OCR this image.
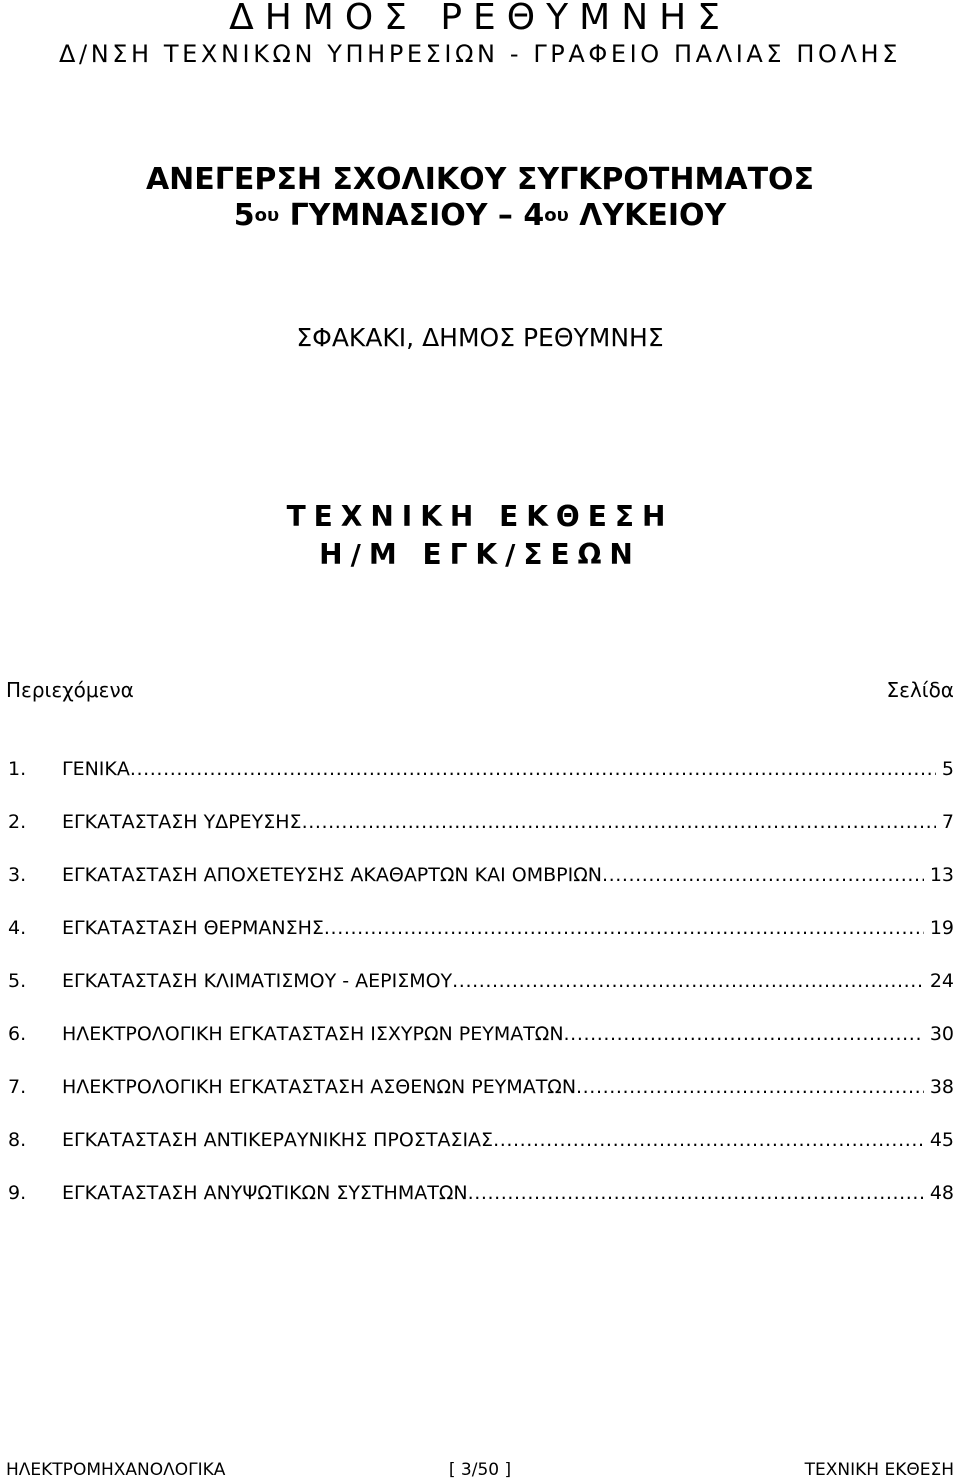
ΔΗΜΟΣ ΡΕΘΥΜΝΗΣ
Δ/ΝΣΗ ΤΕΧΝΙΚΩΝ ΥΠΗΡΕΣΙΩΝ - ΓΡΑΦΕΙΟ ΠΑΛΙΑΣ ΠΟΛΗΣ
ΑΝΕΓΕΡΣΗ ΣΧΟΛΙΚΟΥ ΣΥΓΚΡΟΤΗΜΑΤΟΣ
$5^{o\upsilon}$ ΓΥΜΝΑΣΙΟΥ – $4^{o\upsilon}$ ΛΥΚΕΙΟΥ
ΣΦΑΚΑΚΙ, ΔΗΜΟΣ ΡΕΘΥΜΝΗΣ
ΤΕΧΝΙΚΗ ΕΚΘΕΣΗ
Η/Μ ΕΓΚ/ΣΕΩΝ
Περιεχόμενα	Σελίδα
1.	ΓΕΝΙΚΑ .....	5
2.	ΕΓΚΑΤΑΣΤΑΣΗ ΥΔΡΕΥΣΗΣ .....	7
3.	ΕΓΚΑΤΑΣΤΑΣΗ ΑΠΟΧΕΤΕΥΣΗΣ ΑΚΑΘΑΡΤΩΝ ΚΑΙ ΟΜΒΡΙΩΝ .....	13
4.	ΕΓΚΑΤΑΣΤΑΣΗ ΘΕΡΜΑΝΣΗΣ .....	19
5.	ΕΓΚΑΤΑΣΤΑΣΗ ΚΛΙΜΑΤΙΣΜΟΥ - ΑΕΡΙΣΜΟΥ .....	24
6.	ΗΛΕΚΤΡΟΛΟΓΙΚΗ ΕΓΚΑΤΑΣΤΑΣΗ ΙΣΧΥΡΩΝ ΡΕΥΜΑΤΩΝ .....	30
7.	ΗΛΕΚΤΡΟΛΟΓΙΚΗ ΕΓΚΑΤΑΣΤΑΣΗ ΑΣΘΕΝΩΝ ΡΕΥΜΑΤΩΝ .....	38
8.	ΕΓΚΑΤΑΣΤΑΣΗ ΑΝΤΙΚΕΡΑΥΝΙΚΗΣ ΠΡΟΣΤΑΣΙΑΣ .....	45
9.	ΕΓΚΑΤΑΣΤΑΣΗ ΑΝΥΨΩΤΙΚΩΝ ΣΥΣΤΗΜΑΤΩΝ .....	48
[ 3/50 ]
ΗΛΕΚΤΡΟΜΗΧΑΝΟΛΟΓΙΚΑ	ΤΕΧΝΙΚΗ ΕΚΘΕΣΗ
